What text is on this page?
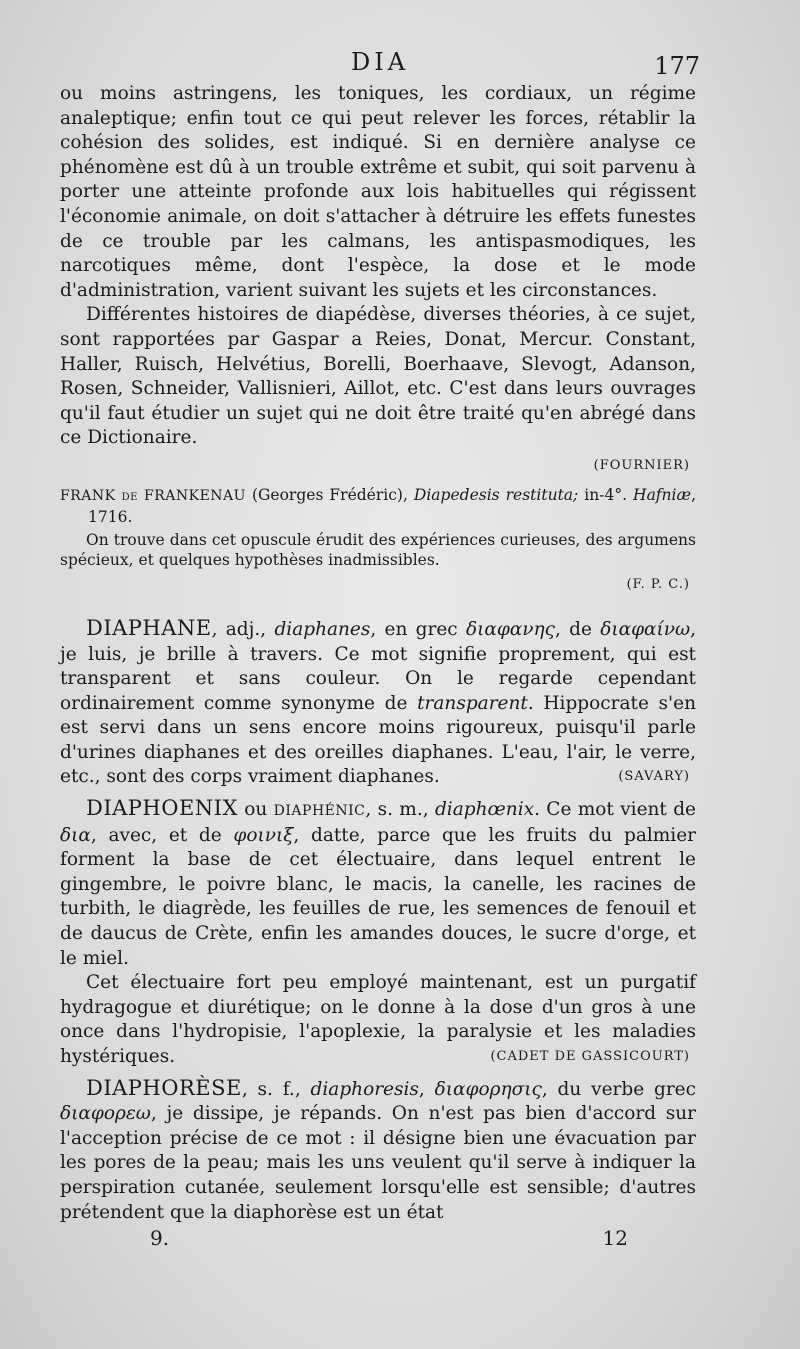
DIA	177

ou moins astringens, les toniques, les cordiaux, un régime analeptique; enfin tout ce qui peut relever les forces, rétablir la cohésion des solides, est indiqué. Si en dernière analyse ce phénomène est dû à un trouble extrême et subit, qui soit parvenu à porter une atteinte profonde aux lois habituelles qui régissent l'économie animale, on doit s'attacher à détruire les effets funestes de ce trouble par les calmans, les antispasmodiques, les narcotiques même, dont l'espèce, la dose et le mode d'administration, varient suivant les sujets et les circonstances.

Différentes histoires de diapédèse, diverses théories, à ce sujet, sont rapportées par Gaspar a Reies, Donat, Mercur. Constant, Haller, Ruisch, Helvétius, Borelli, Boerhaave, Slevogt, Adanson, Rosen, Schneider, Vallisnieri, Aillot, etc. C'est dans leurs ouvrages qu'il faut étudier un sujet qui ne doit être traité qu'en abrégé dans ce Dictionaire.

(FOURNIER)

FRANK de FRANKENAU (Georges Frédéric), Diapedesis restituta; in-4°. Hafniæ, 1716.

On trouve dans cet opuscule érudit des expériences curieuses, des argumens spécieux, et quelques hypothèses inadmissibles.

(F. P. C.)

DIAPHANE, adj., diaphanes, en grec διαφανης, de διαφαίνω, je luis, je brille à travers. Ce mot signifie proprement, qui est transparent et sans couleur. On le regarde cependant ordinairement comme synonyme de transparent. Hippocrate s'en est servi dans un sens encore moins rigoureux, puisqu'il parle d'urines diaphanes et des oreilles diaphanes. L'eau, l'air, le verre, etc., sont des corps vraiment diaphanes.	(SAVARY)

DIAPHOENIX ou DIAPHÉNIC, s. m., diaphœnix. Ce mot vient de δια, avec, et de φοινιξ, datte, parce que les fruits du palmier forment la base de cet électuaire, dans lequel entrent le gingembre, le poivre blanc, le macis, la canelle, les racines de turbith, le diagrède, les feuilles de rue, les semences de fenouil et de daucus de Crète, enfin les amandes douces, le sucre d'orge, et le miel.

Cet électuaire fort peu employé maintenant, est un purgatif hydragogue et diurétique; on le donne à la dose d'un gros à une once dans l'hydropisie, l'apoplexie, la paralysie et les maladies hystériques.	(CADET DE GASSICOURT)

DIAPHORÈSE, s. f., diaphoresis, διαφορησις, du verbe grec διαφορεω, je dissipe, je répands. On n'est pas bien d'accord sur l'acception précise de ce mot : il désigne bien une évacuation par les pores de la peau; mais les uns veulent qu'il serve à indiquer la perspiration cutanée, seulement lorsqu'elle est sensible; d'autres prétendent que la diaphorèse est un état

9.	12
